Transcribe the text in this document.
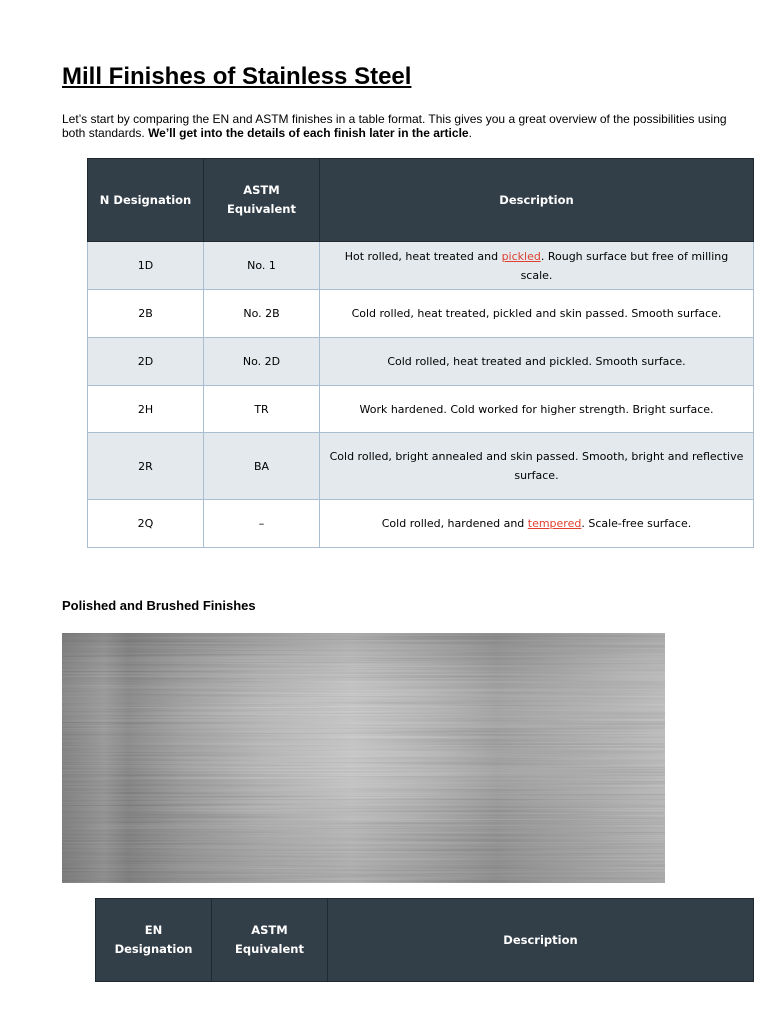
Mill Finishes of Stainless Steel

Let’s start by comparing the EN and ASTM finishes in a table format. This gives you a great overview of the possibilities using both standards. We’ll get into the details of each finish later in the article.

N Designation	ASTM Equivalent	Description
1D	No. 1	Hot rolled, heat treated and pickled. Rough surface but free of milling scale.
2B	No. 2B	Cold rolled, heat treated, pickled and skin passed. Smooth surface.
2D	No. 2D	Cold rolled, heat treated and pickled. Smooth surface.
2H	TR	Work hardened. Cold worked for higher strength. Bright surface.
2R	BA	Cold rolled, bright annealed and skin passed. Smooth, bright and reflective surface.
2Q	–	Cold rolled, hardened and tempered. Scale-free surface.
Polished and Brushed Finishes
EN Designation	ASTM Equivalent	Description
